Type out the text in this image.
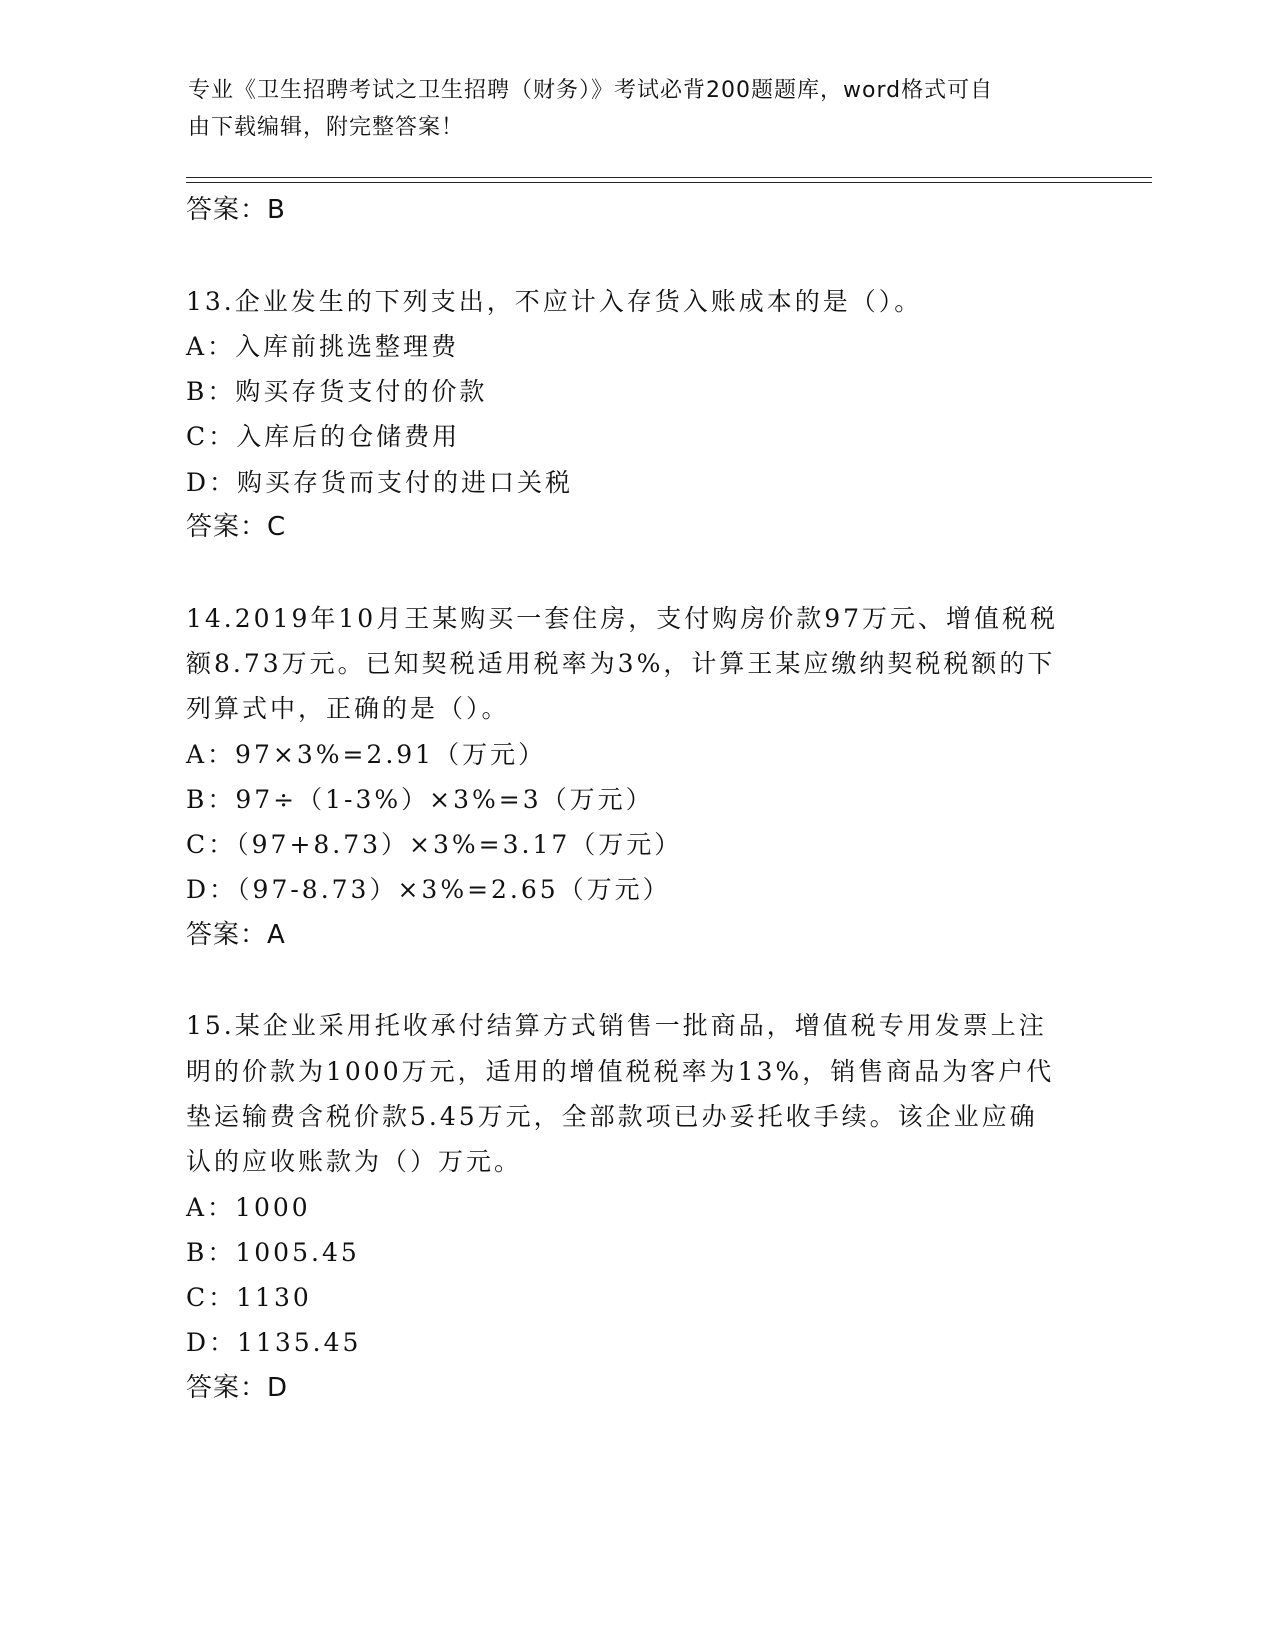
专业《卫生招聘考试之卫生招聘（财务）》考试必背200题题库，word格式可自
由下载编辑，附完整答案！
答案：B
13.企业发生的下列支出，不应计入存货入账成本的是（）。
A：入库前挑选整理费
B：购买存货支付的价款
C：入库后的仓储费用
D：购买存货而支付的进口关税
答案：C
14.2019年10月王某购买一套住房，支付购房价款97万元、增值税税
额8.73万元。已知契税适用税率为3%，计算王某应缴纳契税税额的下
列算式中，正确的是（）。
A：97×3%=2.91（万元）
B：97÷（1-3%）×3%=3（万元）
C：（97+8.73）×3%=3.17（万元）
D：（97-8.73）×3%=2.65（万元）
答案：A
15.某企业采用托收承付结算方式销售一批商品，增值税专用发票上注
明的价款为1000万元，适用的增值税税率为13%，销售商品为客户代
垫运输费含税价款5.45万元，全部款项已办妥托收手续。该企业应确
认的应收账款为（）万元。
A：1000
B：1005.45
C：1130
D：1135.45
答案：D
